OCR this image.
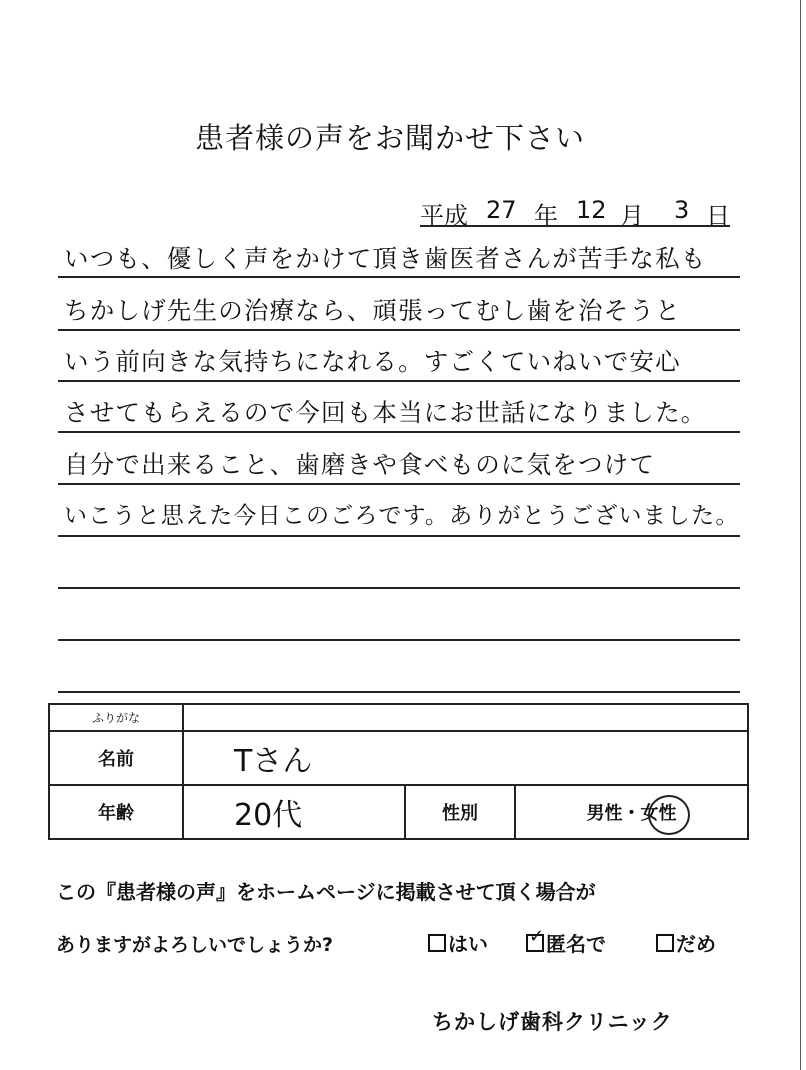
患者様の声をお聞かせ下さい
平成 27 年 12 月 3 日
いつも、優しく声をかけて頂き歯医者さんが苦手な私も
ちかしげ先生の治療なら、頑張ってむし歯を治そうと
いう前向きな気持ちになれる。すごくていねいで安心
させてもらえるので今回も本当にお世話になりました。
自分で出来ること、歯磨きや食べものに気をつけて
いこうと思えた今日このごろです。ありがとうございました。
ふりがな			
名前	Tさん		
年齢	20代	性別	男性・女性
この『患者様の声』をホームページに掲載させて頂く場合が
ありますがよろしいでしょうか?	はい ✓ 匿名で	だめ
ちかしげ歯科クリニック
